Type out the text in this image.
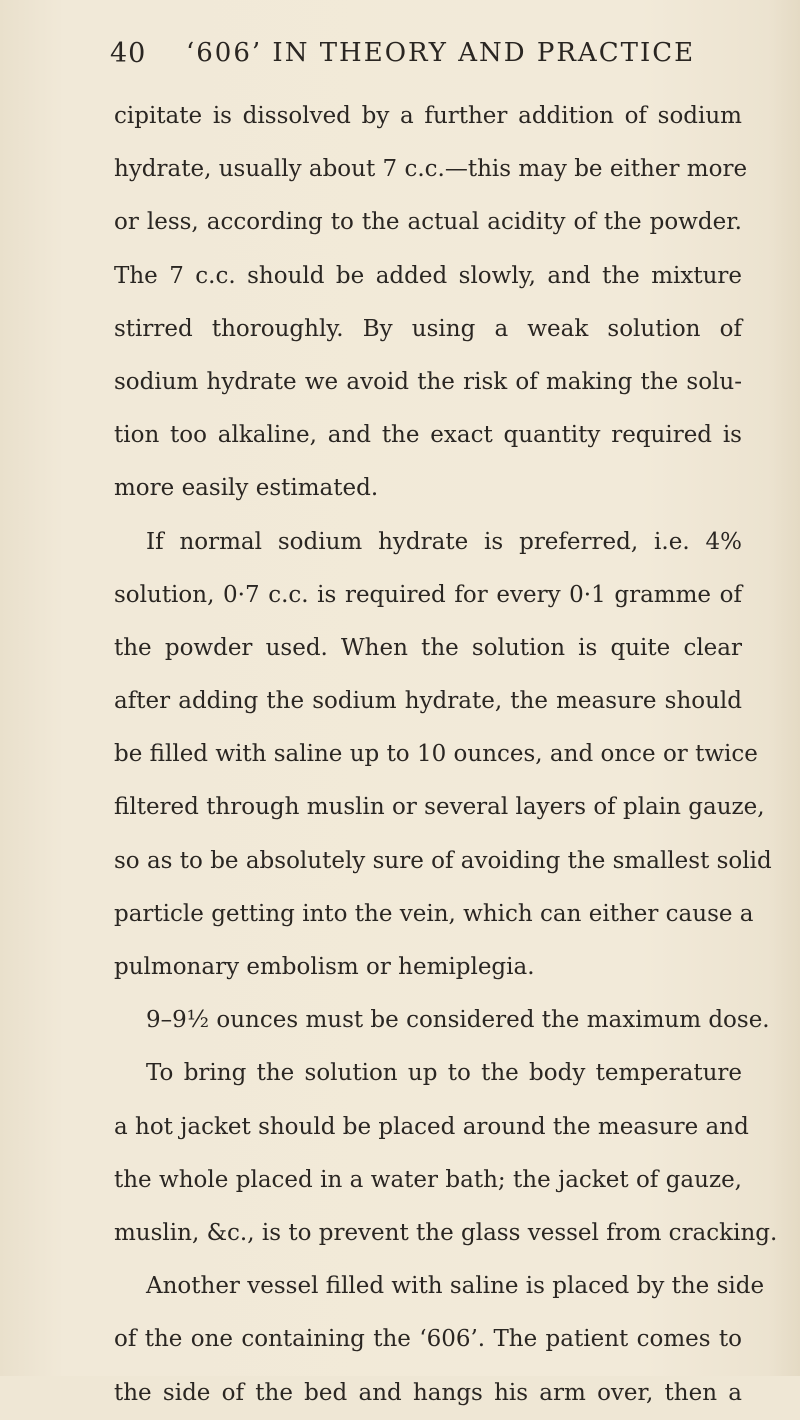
40 ‘606’ IN THEORY AND PRACTICE
cipitate is dissolved by a further addition of sodium
hydrate, usually about 7 c.c.—this may be either more
or less, according to the actual acidity of the powder.
The 7 c.c. should be added slowly, and the mixture
stirred thoroughly. By using a weak solution of
sodium hydrate we avoid the risk of making the solu-
tion too alkaline, and the exact quantity required is
more easily estimated.
If normal sodium hydrate is preferred, i.e. 4%
solution, 0·7 c.c. is required for every 0·1 gramme of
the powder used. When the solution is quite clear
after adding the sodium hydrate, the measure should
be filled with saline up to 10 ounces, and once or twice
filtered through muslin or several layers of plain gauze,
so as to be absolutely sure of avoiding the smallest solid
particle getting into the vein, which can either cause a
pulmonary embolism or hemiplegia.
9–9½ ounces must be considered the maximum dose.
To bring the solution up to the body temperature
a hot jacket should be placed around the measure and
the whole placed in a water bath; the jacket of gauze,
muslin, &c., is to prevent the glass vessel from cracking.
Another vessel filled with saline is placed by the side
of the one containing the ‘606’. The patient comes to
the side of the bed and hangs his arm over, then a
